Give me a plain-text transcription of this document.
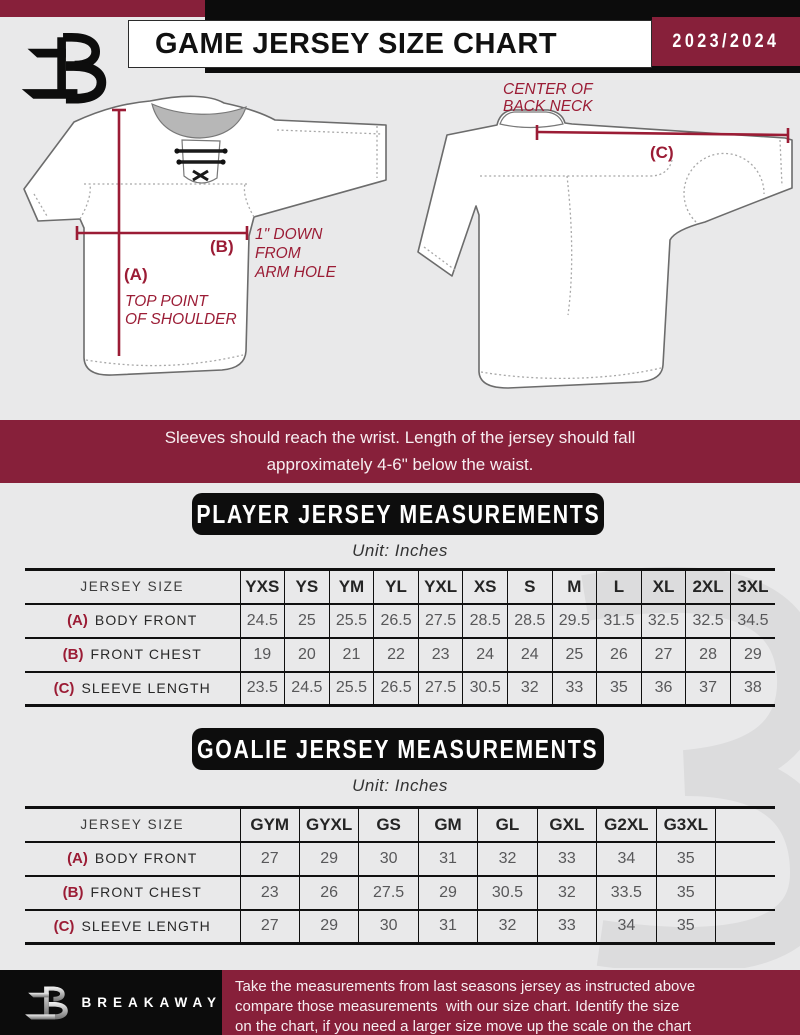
GAME JERSEY SIZE CHART	2023/2024
(A)
TOP POINT
OF SHOULDER
(B)
1" DOWN
FROM
ARM HOLE
(C)
CENTER OF
BACK NECK
Sleeves should reach the wrist. Length of the jersey should fall
approximately 4-6" below the waist.
PLAYER JERSEY MEASUREMENTS
Unit: Inches
JERSEY SIZE	YXS	YS	YM	YL	YXL	XS	S	M	L	XL	2XL	3XL
(A) BODY FRONT	24.5	25	25.5	26.5	27.5	28.5	28.5	29.5	31.5	32.5	32.5	34.5
(B) FRONT CHEST	19	20	21	22	23	24	24	25	26	27	28	29
(C) SLEEVE LENGTH	23.5	24.5	25.5	26.5	27.5	30.5	32	33	35	36	37	38
GOALIE JERSEY MEASUREMENTS
Unit: Inches
JERSEY SIZE	GYM	GYXL	GS	GM	GL	GXL	G2XL	G3XL	
(A) BODY FRONT	27	29	30	31	32	33	34	35	
(B) FRONT CHEST	23	26	27.5	29	30.5	32	33.5	35	
(C) SLEEVE LENGTH	27	29	30	31	32	33	34	35	
BREAKAWAY
Take the measurements from last seasons jersey as instructed above
compare those measurements  with our size chart. Identify the size
on the chart, if you need a larger size move up the scale on the chart
